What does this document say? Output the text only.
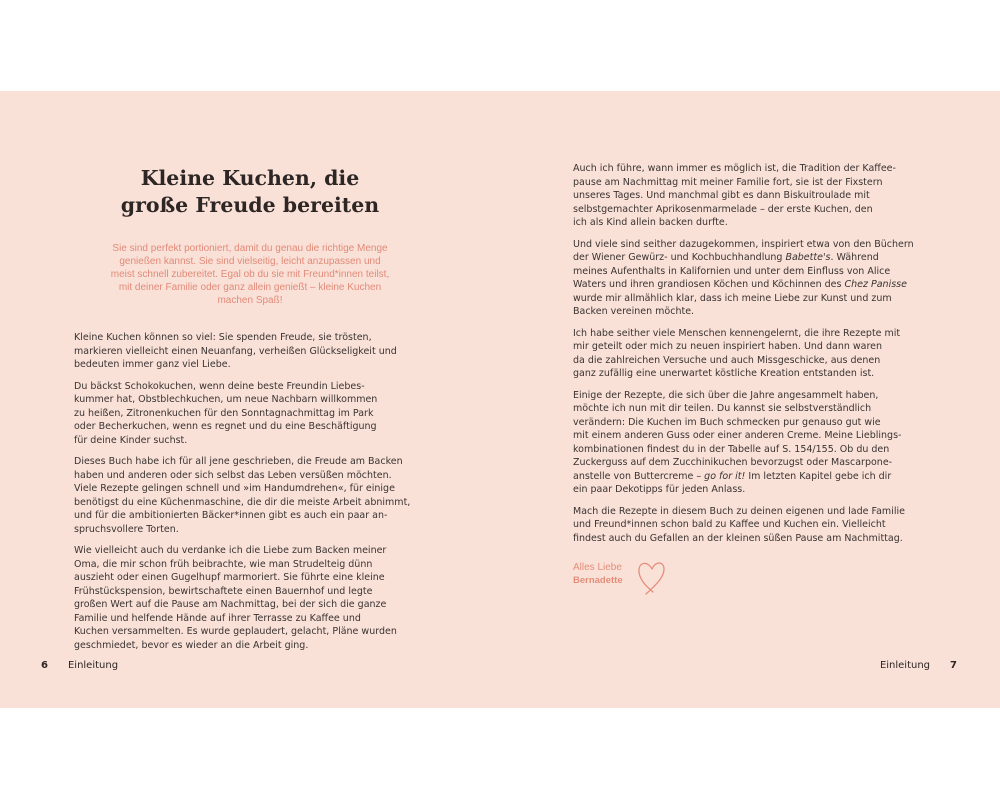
Kleine Kuchen, die
große Freude bereiten

Sie sind perfekt portioniert, damit du genau die richtige Menge
genießen kannst. Sie sind vielseitig, leicht anzupassen und
meist schnell zubereitet. Egal ob du sie mit Freund*innen teilst,
mit deiner Familie oder ganz allein genießt – kleine Kuchen
machen Spaß!

Kleine Kuchen können so viel: Sie spenden Freude, sie trösten,
markieren vielleicht einen Neuanfang, verheißen Glückseligkeit und
bedeuten immer ganz viel Liebe.

Du bäckst Schokokuchen, wenn deine beste Freundin Liebes-
kummer hat, Obstblechkuchen, um neue Nachbarn willkommen
zu heißen, Zitronenkuchen für den Sonntagnachmittag im Park
oder Becherkuchen, wenn es regnet und du eine Beschäftigung
für deine Kinder suchst.

Dieses Buch habe ich für all jene geschrieben, die Freude am Backen
haben und anderen oder sich selbst das Leben versüßen möchten.
Viele Rezepte gelingen schnell und »im Handumdrehen«, für einige
benötigst du eine Küchenmaschine, die dir die meiste Arbeit abnimmt,
und für die ambitionierten Bäcker*innen gibt es auch ein paar an-
spruchsvollere Torten.

Wie vielleicht auch du verdanke ich die Liebe zum Backen meiner
Oma, die mir schon früh beibrachte, wie man Strudelteig dünn
auszieht oder einen Gugelhupf marmoriert. Sie führte eine kleine
Frühstückspension, bewirtschaftete einen Bauernhof und legte
großen Wert auf die Pause am Nachmittag, bei der sich die ganze
Familie und helfende Hände auf ihrer Terrasse zu Kaffee und
Kuchen versammelten. Es wurde geplaudert, gelacht, Pläne wurden
geschmiedet, bevor es wieder an die Arbeit ging.

6 Einleitung

Auch ich führe, wann immer es möglich ist, die Tradition der Kaffee-
pause am Nachmittag mit meiner Familie fort, sie ist der Fixstern
unseres Tages. Und manchmal gibt es dann Biskuitroulade mit
selbstgemachter Aprikosenmarmelade – der erste Kuchen, den
ich als Kind allein backen durfte.

Und viele sind seither dazugekommen, inspiriert etwa von den Büchern
der Wiener Gewürz- und Kochbuchhandlung Babette's. Während
meines Aufenthalts in Kalifornien und unter dem Einfluss von Alice
Waters und ihren grandiosen Köchen und Köchinnen des Chez Panisse
wurde mir allmählich klar, dass ich meine Liebe zur Kunst und zum
Backen vereinen möchte.

Ich habe seither viele Menschen kennengelernt, die ihre Rezepte mit
mir geteilt oder mich zu neuen inspiriert haben. Und dann waren
da die zahlreichen Versuche und auch Missgeschicke, aus denen
ganz zufällig eine unerwartet köstliche Kreation entstanden ist.

Einige der Rezepte, die sich über die Jahre angesammelt haben,
möchte ich nun mit dir teilen. Du kannst sie selbstverständlich
verändern: Die Kuchen im Buch schmecken pur genauso gut wie
mit einem anderen Guss oder einer anderen Creme. Meine Lieblings-
kombinationen findest du in der Tabelle auf S. 154/155. Ob du den
Zuckerguss auf dem Zucchinikuchen bevorzugst oder Mascarpone-
anstelle von Buttercreme – go for it! Im letzten Kapitel gebe ich dir
ein paar Dekotipps für jeden Anlass.

Mach die Rezepte in diesem Buch zu deinen eigenen und lade Familie
und Freund*innen schon bald zu Kaffee und Kuchen ein. Vielleicht
findest auch du Gefallen an der kleinen süßen Pause am Nachmittag.

Alles Liebe
Bernadette
Einleitung 7
